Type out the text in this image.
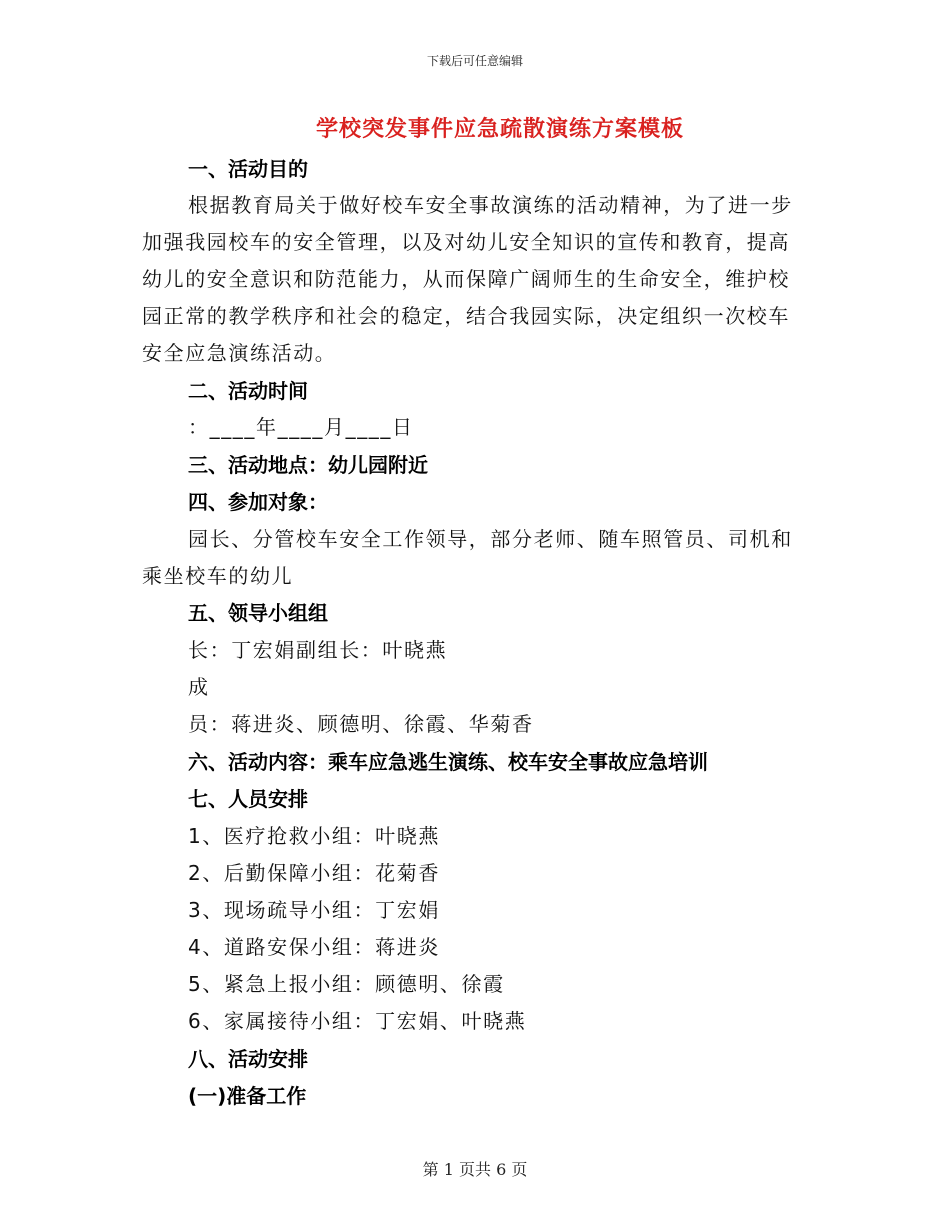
下载后可任意编辑
学校突发事件应急疏散演练方案模板
一、活动目的
根据教育局关于做好校车安全事故演练的活动精神，为了进一步
加强我园校车的安全管理，以及对幼儿安全知识的宣传和教育，提高
幼儿的安全意识和防范能力，从而保障广阔师生的生命安全，维护校
园正常的教学秩序和社会的稳定，结合我园实际，决定组织一次校车
安全应急演练活动。
二、活动时间
：____年____月____日
三、活动地点：幼儿园附近
四、参加对象：
园长、分管校车安全工作领导，部分老师、随车照管员、司机和
乘坐校车的幼儿
五、领导小组组
长：丁宏娟副组长：叶晓燕
成
员：蒋进炎、顾德明、徐霞、华菊香
六、活动内容：乘车应急逃生演练、校车安全事故应急培训
七、人员安排
1、医疗抢救小组：叶晓燕
2、后勤保障小组：花菊香
3、现场疏导小组：丁宏娟
4、道路安保小组：蒋进炎
5、紧急上报小组：顾德明、徐霞
6、家属接待小组：丁宏娟、叶晓燕
八、活动安排
(一)准备工作
第 1 页共 6 页
